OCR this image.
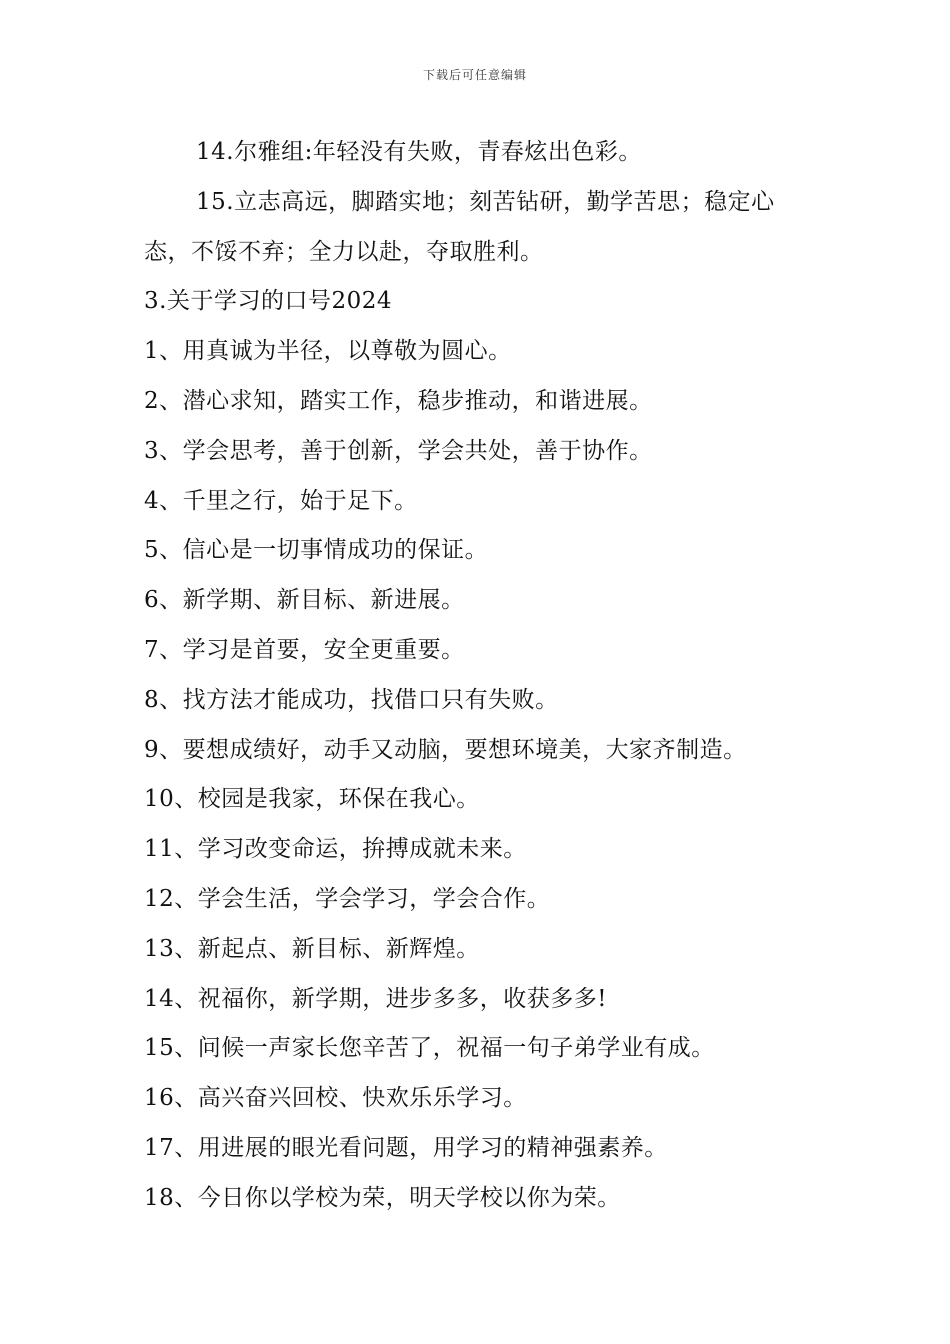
下载后可任意编辑
14.尔雅组:年轻没有失败，青春炫出色彩。
15.立志高远，脚踏实地；刻苦钻研，勤学苦思；稳定心态，不馁不弃；全力以赴，夺取胜利。
3.关于学习的口号2024
1、用真诚为半径，以尊敬为圆心。
2、潜心求知，踏实工作，稳步推动，和谐进展。
3、学会思考，善于创新，学会共处，善于协作。
4、千里之行，始于足下。
5、信心是一切事情成功的保证。
6、新学期、新目标、新进展。
7、学习是首要，安全更重要。
8、找方法才能成功，找借口只有失败。
9、要想成绩好，动手又动脑，要想环境美，大家齐制造。
10、校园是我家，环保在我心。
11、学习改变命运，拚搏成就未来。
12、学会生活，学会学习，学会合作。
13、新起点、新目标、新辉煌。
14、祝福你，新学期，进步多多，收获多多!
15、问候一声家长您辛苦了，祝福一句子弟学业有成。
16、高兴奋兴回校、快欢乐乐学习。
17、用进展的眼光看问题，用学习的精神强素养。
18、今日你以学校为荣，明天学校以你为荣。
